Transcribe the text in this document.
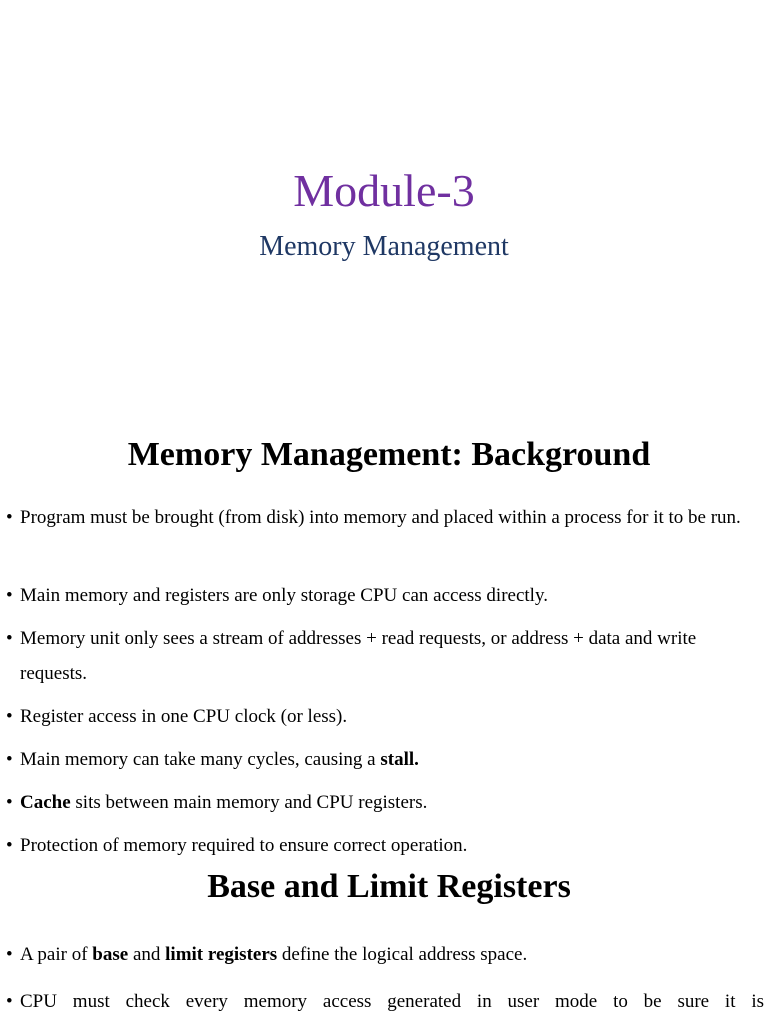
Module-3
Memory Management
Memory Management: Background
• Program must be brought (from disk) into memory and placed within a process for it to be run.
• Main memory and registers are only storage CPU can access directly.
• Memory unit only sees a stream of addresses + read requests, or address + data and write requests.
• Register access in one CPU clock (or less).
• Main memory can take many cycles, causing a stall.
• Cache sits between main memory and CPU registers.
• Protection of memory required to ensure correct operation.
Base and Limit Registers
• A pair of base and limit registers define the logical address space.
• CPU must check every memory access generated in user mode to be sure it is
